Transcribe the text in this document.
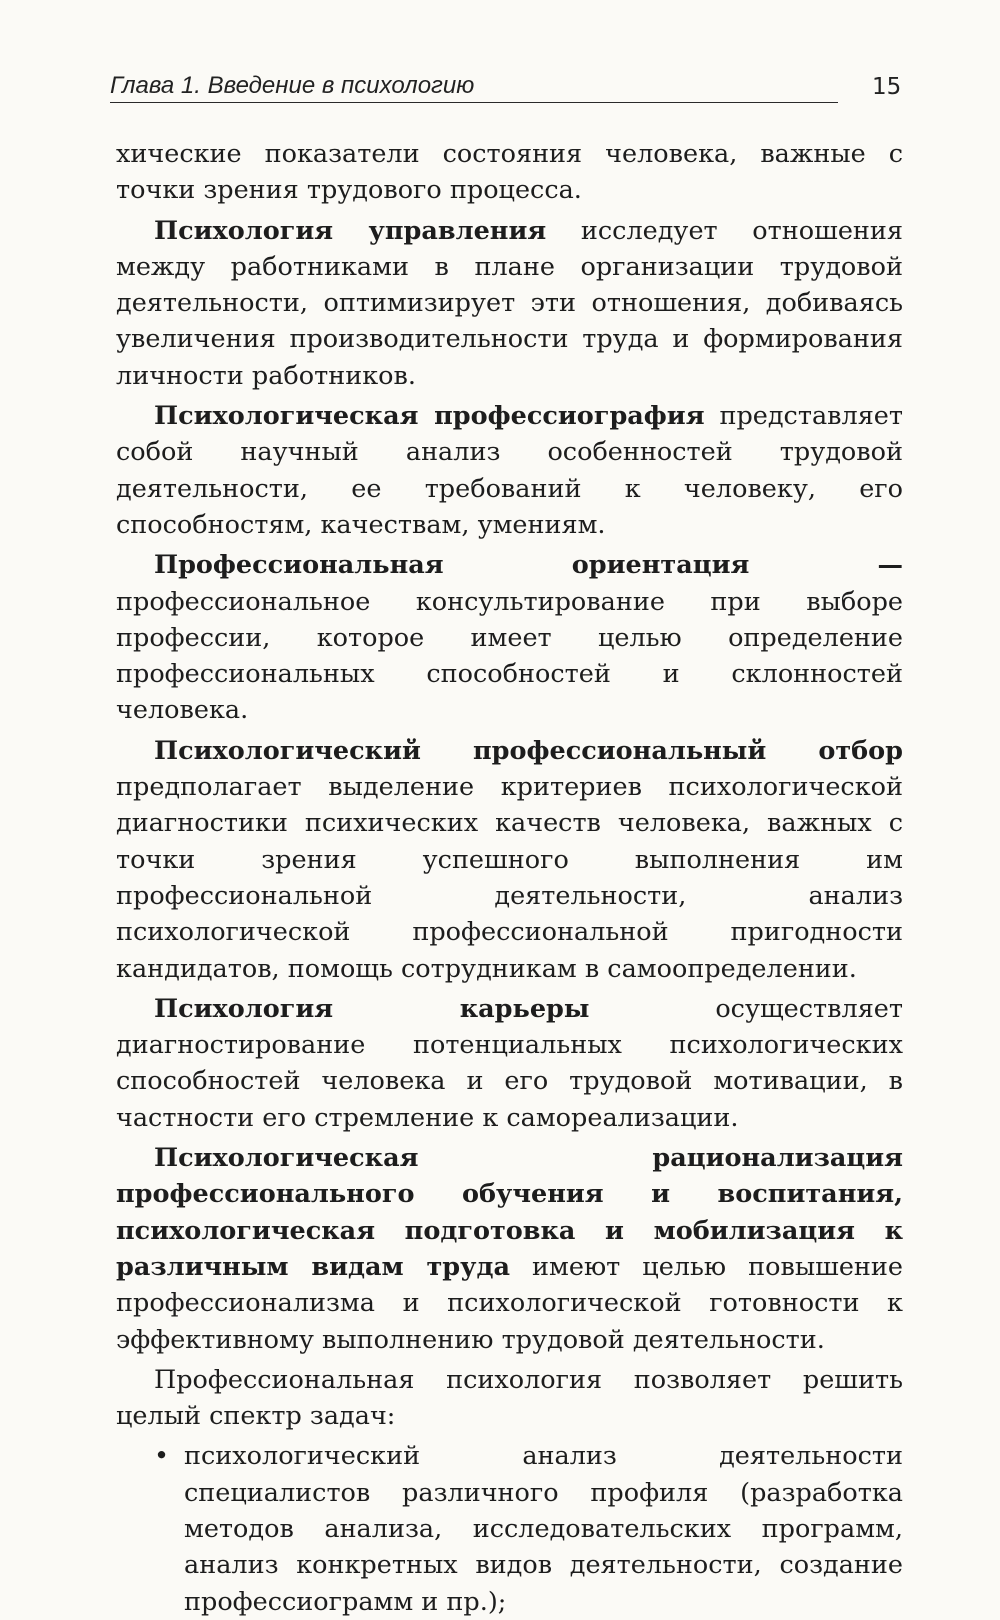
Глава 1. Введение в психологию	15

хические показатели состояния человека, важные с точки зрения трудового процесса.

Психология управления исследует отношения между работниками в плане организации трудовой деятельности, оптимизирует эти отношения, добиваясь увеличения производительности труда и формирования личности работников.

Психологическая профессиография представляет собой научный анализ особенностей трудовой деятельности, ее требований к человеку, его способностям, качествам, умениям.

Профессиональная ориентация — профессиональное консультирование при выборе профессии, которое имеет целью определение профессиональных способностей и склонностей человека.

Психологический профессиональный отбор предполагает выделение критериев психологической диагностики психических качеств человека, важных с точки зрения успешного выполнения им профессиональной деятельности, анализ психологической профессиональной пригодности кандидатов, помощь сотрудникам в самоопределении.

Психология карьеры осуществляет диагностирование потенциальных психологических способностей человека и его трудовой мотивации, в частности его стремление к самореализации.

Психологическая рационализация профессионального обучения и воспитания, психологическая подготовка и мобилизация к различным видам труда имеют целью повышение профессионализма и психологической готовности к эффективному выполнению трудовой деятельности.

Профессиональная психология позволяет решить целый спектр задач:

• психологический анализ деятельности специалистов различного профиля (разработка методов анализа, исследовательских программ, анализ конкретных видов деятельности, создание профессиограмм и пр.);
